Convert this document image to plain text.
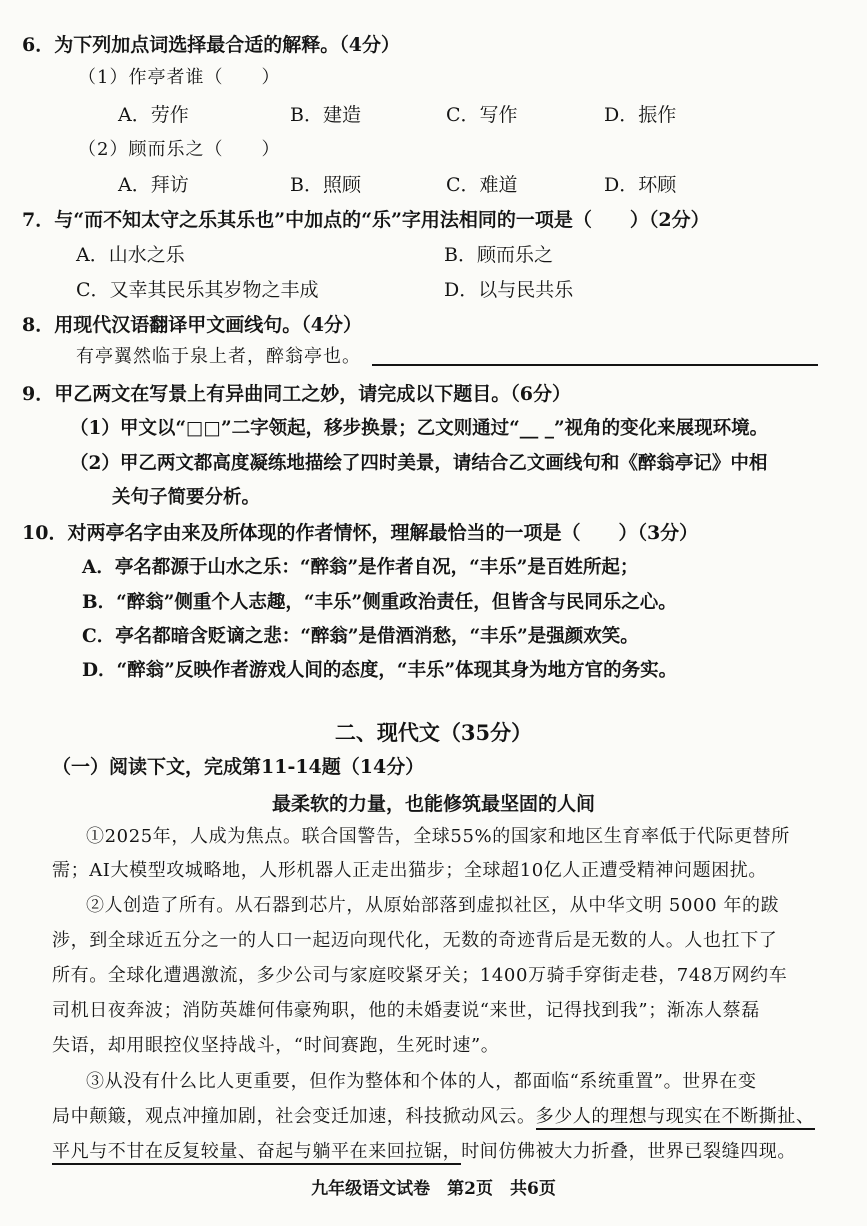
6．为下列加点词选择最合适的解释。（4分）
（1）作亭者谁（　　）
A．劳作	B．建造	C．写作	D．振作
（2）顾而乐之（　　）
A．拜访	B．照顾	C．难道	D．环顾
7．与“而不知太守之乐其乐也”中加点的“乐”字用法相同的一项是（　　）（2分）
A．山水之乐	B．顾而乐之
C．又幸其民乐其岁物之丰成	D．以与民共乐
8．用现代汉语翻译甲文画线句。（4分）
有亭翼然临于泉上者，醉翁亭也。
9．甲乙两文在写景上有异曲同工之妙，请完成以下题目。（6分）
（1）甲文以“□□”二字领起，移步换景；乙文则通过“__ _”视角的变化来展现环境。
（2）甲乙两文都高度凝练地描绘了四时美景，请结合乙文画线句和《醉翁亭记》中相
关句子简要分析。
10．对两亭名字由来及所体现的作者情怀，理解最恰当的一项是（　　）（3分）
A．亭名都源于山水之乐：“醉翁”是作者自况，“丰乐”是百姓所起；
B．“醉翁”侧重个人志趣，“丰乐”侧重政治责任，但皆含与民同乐之心。
C．亭名都暗含贬谪之悲：“醉翁”是借酒消愁，“丰乐”是强颜欢笑。
D．“醉翁”反映作者游戏人间的态度，“丰乐”体现其身为地方官的务实。
二、现代文（35分）
（一）阅读下文，完成第11-14题（14分）
最柔软的力量，也能修筑最坚固的人间
①2025年，人成为焦点。联合国警告，全球55%的国家和地区生育率低于代际更替所
需；AI大模型攻城略地，人形机器人正走出猫步；全球超10亿人正遭受精神问题困扰。
②人创造了所有。从石器到芯片，从原始部落到虚拟社区，从中华文明 5000 年的跋
涉，到全球近五分之一的人口一起迈向现代化，无数的奇迹背后是无数的人。人也扛下了
所有。全球化遭遇激流，多少公司与家庭咬紧牙关；1400万骑手穿街走巷，748万网约车
司机日夜奔波；消防英雄何伟豪殉职，他的未婚妻说“来世，记得找到我”；渐冻人蔡磊
失语，却用眼控仪坚持战斗，“时间赛跑，生死时速”。
③从没有什么比人更重要，但作为整体和个体的人，都面临“系统重置”。世界在变
局中颠簸，观点冲撞加剧，社会变迁加速，科技掀动风云。多少人的理想与现实在不断撕扯、
平凡与不甘在反复较量、奋起与躺平在来回拉锯，时间仿佛被大力折叠，世界已裂缝四现。
九年级语文试卷　第2页　共6页
